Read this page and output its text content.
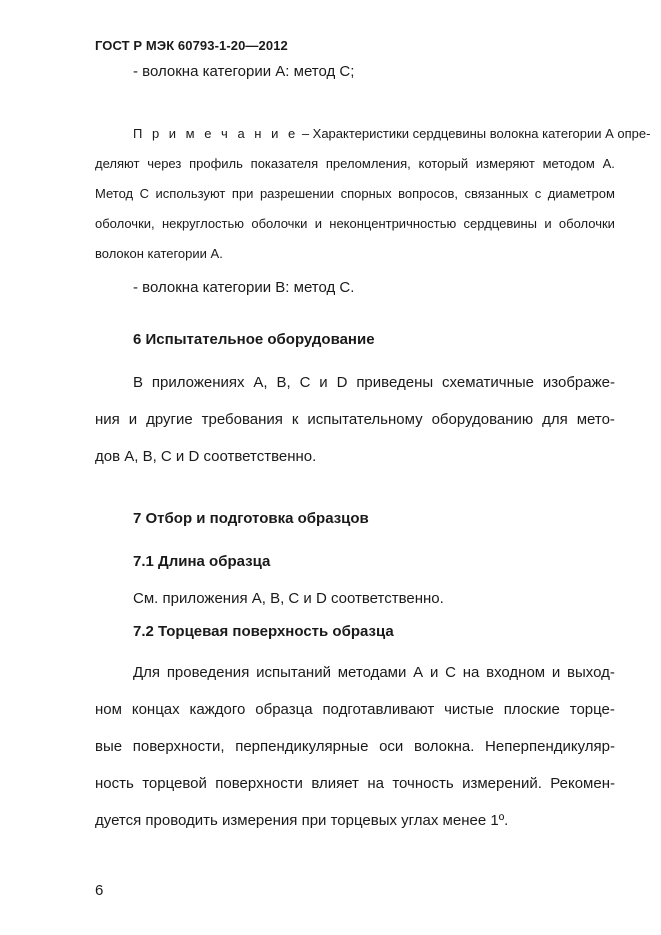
ГОСТ Р МЭК 60793-1-20—2012
- волокна категории А: метод С;
П р и м е ч а н и е – Характеристики сердцевины волокна категории А опре-
деляют через профиль показателя преломления, который измеряют методом А.
Метод С используют при разрешении спорных вопросов, связанных с диаметром
оболочки, некруглостью оболочки и неконцентричностью сердцевины и оболочки
волокон категории А.
- волокна категории В: метод С.
6 Испытательное оборудование
В приложениях А, В, С и D приведены схематичные изображе-
ния и другие требования к испытательному оборудованию для мето-
дов А, В, С и D соответственно.
7 Отбор и подготовка образцов
7.1 Длина образца
См. приложения А, В, С и D соответственно.
7.2 Торцевая поверхность образца
Для проведения испытаний методами А и С на входном и выход-
ном концах каждого образца подготавливают чистые плоские торце-
вые поверхности, перпендикулярные оси волокна. Неперпендикуляр-
ность торцевой поверхности влияет на точность измерений. Рекомен-
дуется проводить измерения при торцевых углах менее 1º.
6
